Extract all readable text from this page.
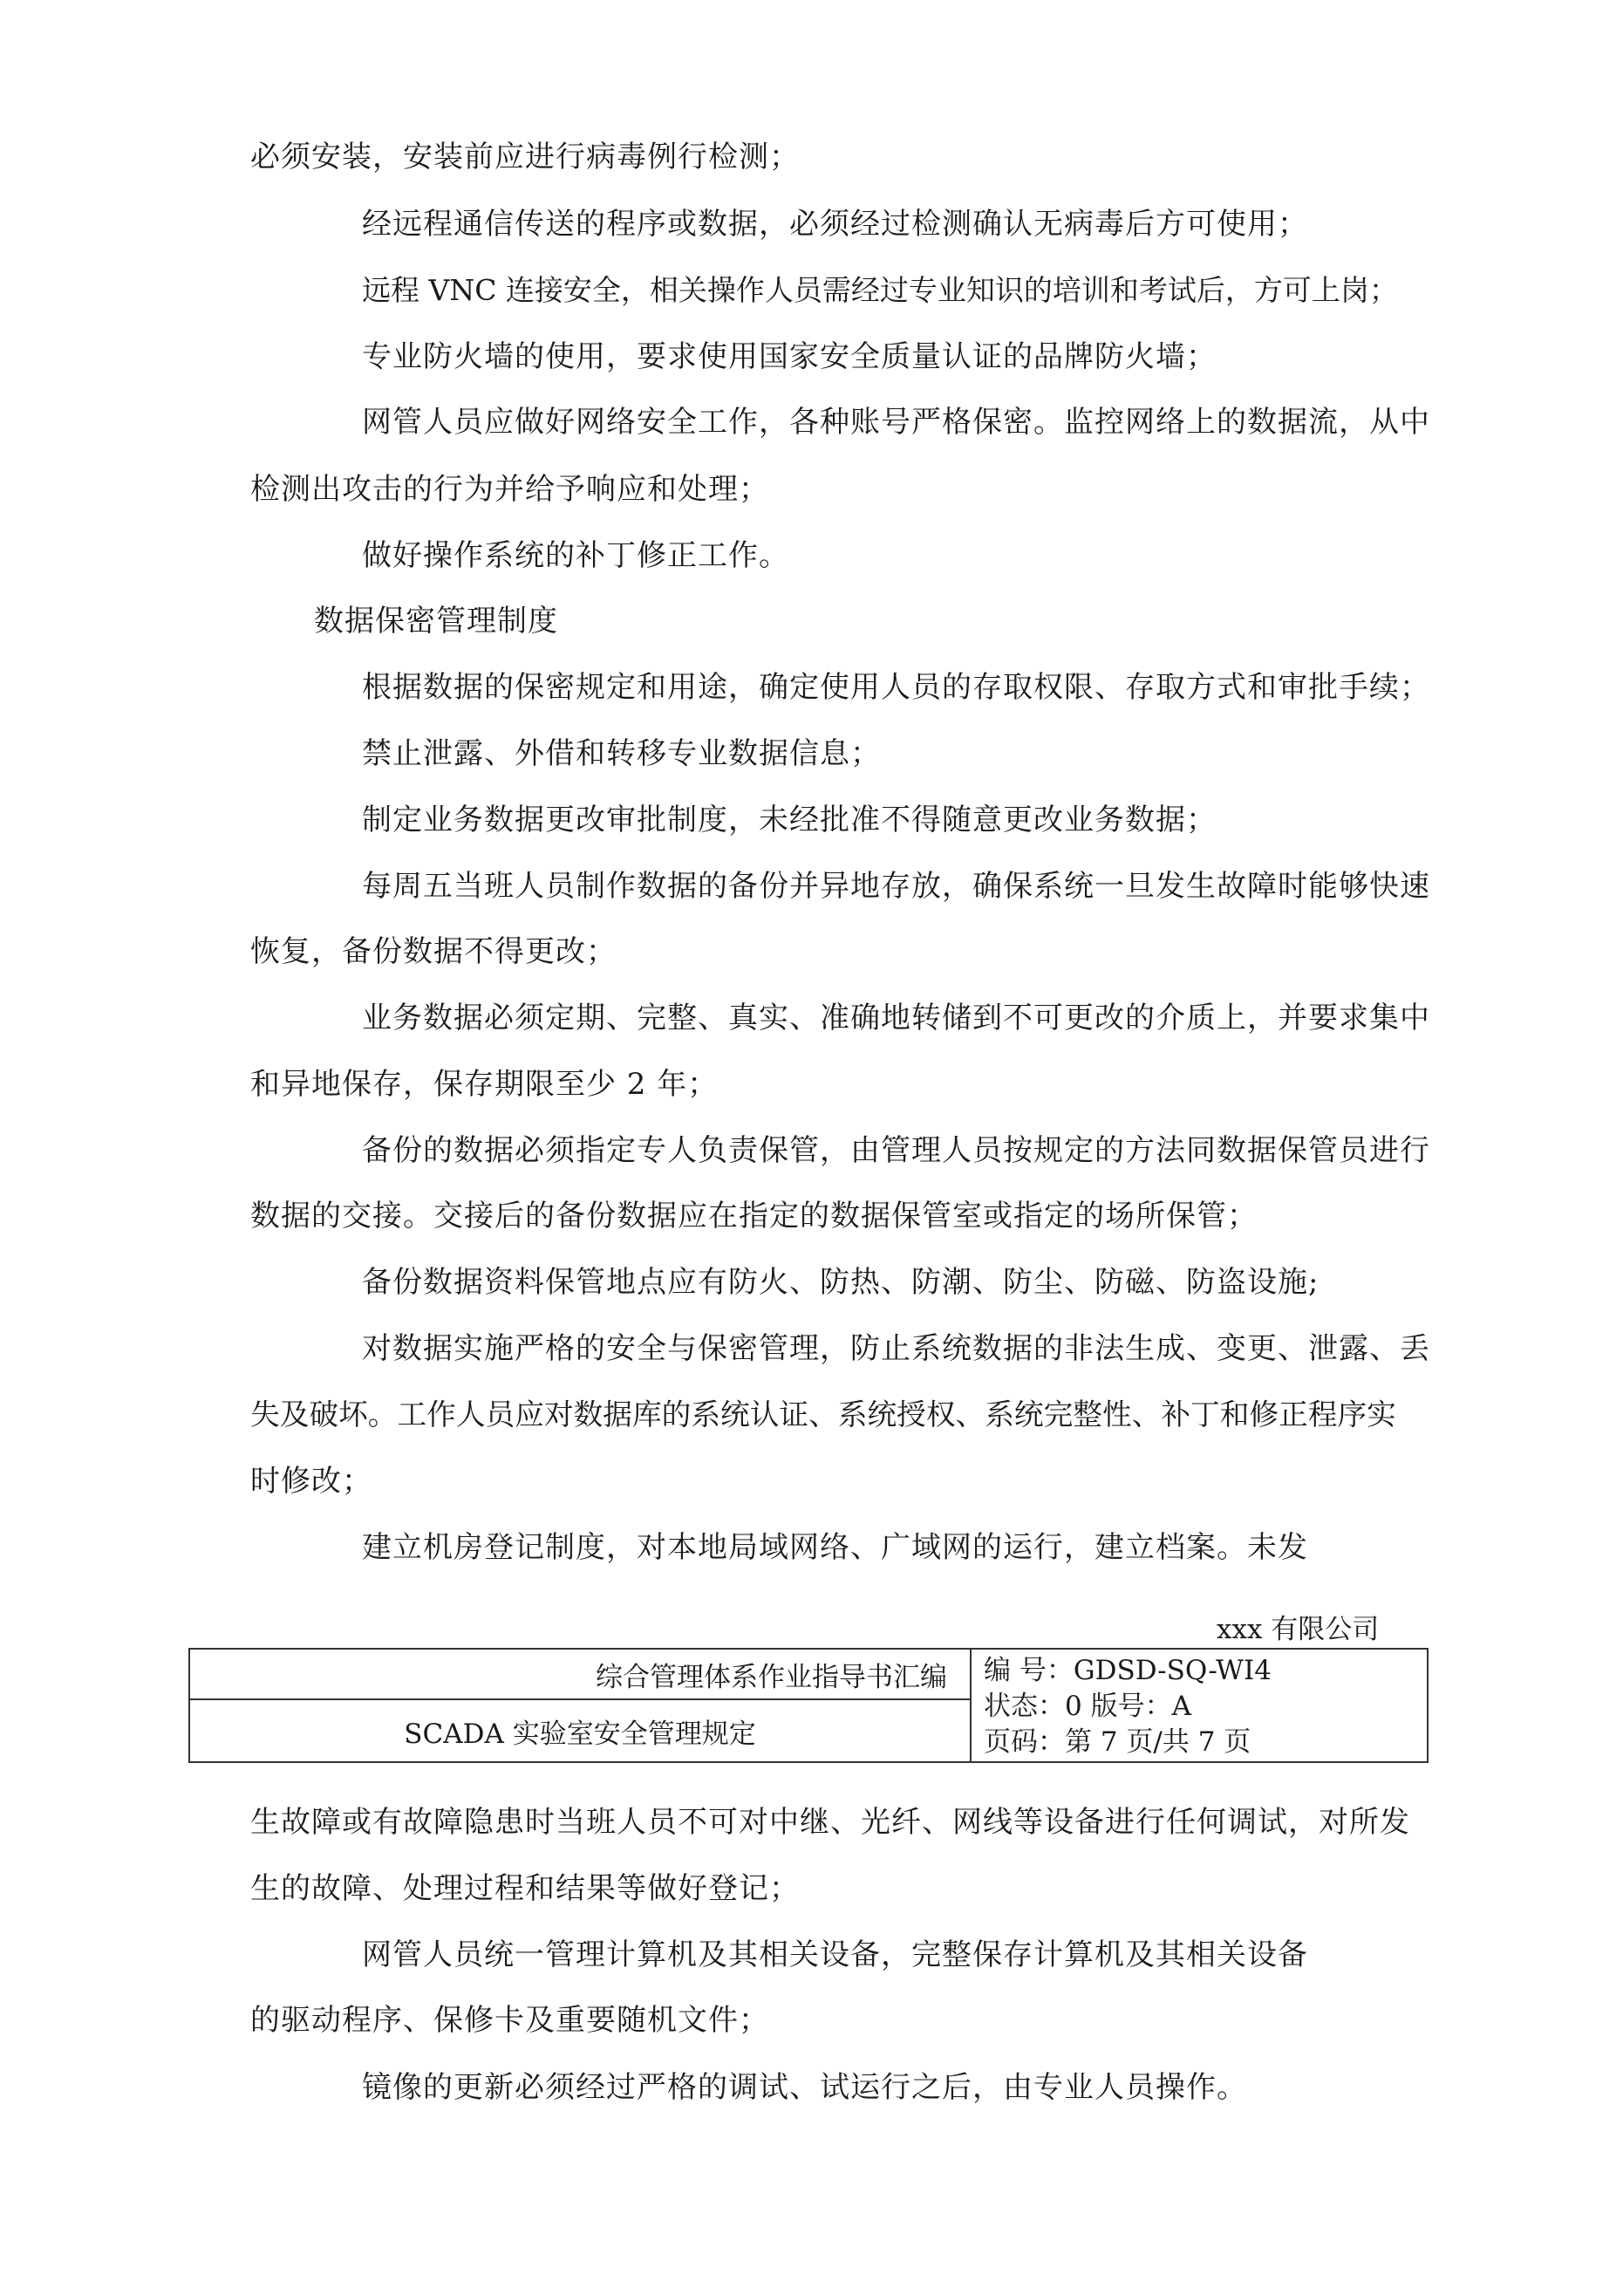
必须安装，安装前应进行病毒例行检测；
经远程通信传送的程序或数据，必须经过检测确认无病毒后方可使用；
远程 VNC 连接安全，相关操作人员需经过专业知识的培训和考试后，方可上岗；
专业防火墙的使用，要求使用国家安全质量认证的品牌防火墙；
网管人员应做好网络安全工作，各种账号严格保密。监控网络上的数据流，从中
检测出攻击的行为并给予响应和处理；
做好操作系统的补丁修正工作。
数据保密管理制度
根据数据的保密规定和用途，确定使用人员的存取权限、存取方式和审批手续；
禁止泄露、外借和转移专业数据信息；
制定业务数据更改审批制度，未经批准不得随意更改业务数据；
每周五当班人员制作数据的备份并异地存放，确保系统一旦发生故障时能够快速
恢复，备份数据不得更改；
业务数据必须定期、完整、真实、准确地转储到不可更改的介质上，并要求集中
和异地保存，保存期限至少 2 年；
备份的数据必须指定专人负责保管，由管理人员按规定的方法同数据保管员进行
数据的交接。交接后的备份数据应在指定的数据保管室或指定的场所保管；
备份数据资料保管地点应有防火、防热、防潮、防尘、防磁、防盗设施;
对数据实施严格的安全与保密管理，防止系统数据的非法生成、变更、泄露、丢
失及破坏。工作人员应对数据库的系统认证、系统授权、系统完整性、补丁和修正程序实
时修改；
建立机房登记制度，对本地局域网络、广域网的运行，建立档案。未发
xxx 有限公司
综合管理体系作业指导书汇编	编 号：GDSD-SQ-WI4
状态：0 版号：A
页码：第 7 页/共 7 页

SCADA 实验室安全管理规定
生故障或有故障隐患时当班人员不可对中继、光纤、网线等设备进行任何调试，对所发
生的故障、处理过程和结果等做好登记；
网管人员统一管理计算机及其相关设备，完整保存计算机及其相关设备
的驱动程序、保修卡及重要随机文件；
镜像的更新必须经过严格的调试、试运行之后，由专业人员操作。
